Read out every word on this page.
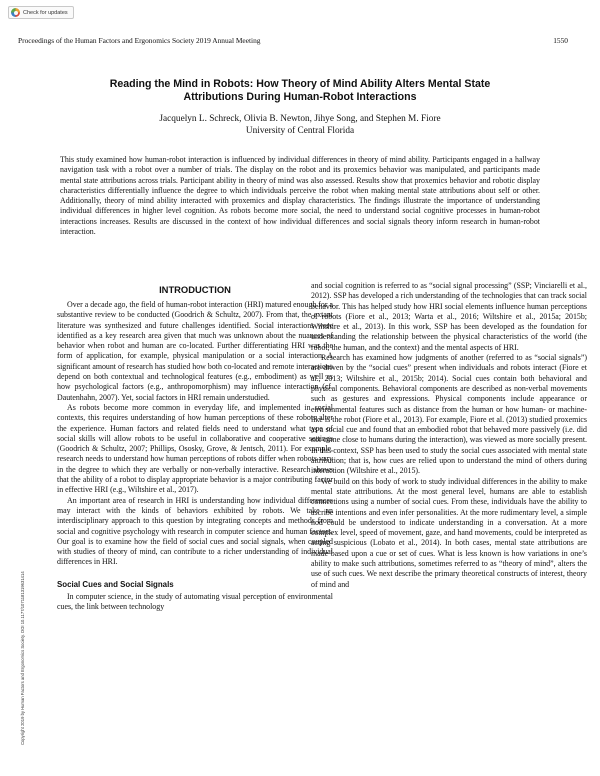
Check for updates
Proceedings of the Human Factors and Ergonomics Society 2019 Annual Meeting	1550
Reading the Mind in Robots: How Theory of Mind Ability Alters Mental State Attributions During Human-Robot Interactions
Jacquelyn L. Schreck, Olivia B. Newton, Jihye Song, and Stephen M. Fiore
University of Central Florida

This study examined how human-robot interaction is influenced by individual differences in theory of mind ability. Participants engaged in a hallway navigation task with a robot over a number of trials. The display on the robot and its proxemics behavior was manipulated, and participants made mental state attributions across trials. Participant ability in theory of mind was also assessed. Results show that proxemics behavior and robotic display characteristics differentially influence the degree to which individuals perceive the robot when making mental state attributions about self or other. Additionally, theory of mind ability interacted with proxemics and display characteristics. The findings illustrate the importance of understanding individual differences in higher level cognition. As robots become more social, the need to understand social cognitive processes in human-robot interactions increases. Results are discussed in the context of how individual differences and social signals theory inform research in human-robot interaction.

INTRODUCTION

Over a decade ago, the field of human-robot interaction (HRI) matured enough for a substantive review to be conducted (Goodrich & Schultz, 2007). From that, the extant literature was synthesized and future challenges identified. Social interactions were identified as a key research area given that much was unknown about the nuances of behavior when robot and human are co-located. Further differentiating HRI was the form of application, for example, physical manipulation or a social interaction. A significant amount of research has studied how both co-located and remote interactions depend on both contextual and technological features (e.g., embodiment) as well as how psychological factors (e.g., anthropomorphism) may influence interaction (cf. Dautenhahn, 2007). Yet, social factors in HRI remain understudied.

As robots become more common in everyday life, and implemented in social contexts, this requires understanding of how human perceptions of these robots alter the experience. Human factors and related fields need to understand what type of social skills will allow robots to be useful in collaborative and cooperative settings (Goodrich & Schultz, 2007; Phillips, Ososky, Grove, & Jentsch, 2011). For example, research needs to understand how human perceptions of robots differ when robots vary in the degree to which they are verbally or non-verbally interactive. Research shows that the ability of a robot to display appropriate behavior is a major contributing factor in effective HRI (e.g., Wiltshire et al., 2017).

An important area of research in HRI is understanding how individual differences may interact with the kinds of behaviors exhibited by robots. We take an interdisciplinary approach to this question by integrating concepts and methods from social and cognitive psychology with research in computer science and human factors. Our goal is to examine how the field of social cues and social signals, when coupled with studies of theory of mind, can contribute to a richer understanding of individual differences in HRI.

Social Cues and Social Signals

In computer science, in the study of automating visual perception of environmental cues, the link between technology

and social cognition is referred to as “social signal processing” (SSP; Vinciarelli et al., 2012). SSP has developed a rich understanding of the technologies that can track social behavior. This has helped study how HRI social elements influence human perceptions of robots (Fiore et al., 2013; Warta et al., 2016; Wiltshire et al., 2015a; 2015b; Wiltshire et al., 2013). In this work, SSP has been developed as the foundation for understanding the relationship between the physical characteristics of the world (the robot, the human, and the context) and the mental aspects of HRI.

Research has examined how judgments of another (referred to as “social signals”) are driven by the “social cues” present when individuals and robots interact (Fiore et al., 2013; Wiltshire et al., 2015b; 2014). Social cues contain both behavioral and physical components. Behavioral components are described as non-verbal movements such as gestures and expressions. Physical components include appearance or environmental features such as distance from the human or how human- or machine-like is the robot (Fiore et al., 2013). For example, Fiore et al. (2013) studied proxemics as a social cue and found that an embodied robot that behaved more passively (i.e. did not come close to humans during the interaction), was viewed as more socially present. In this context, SSP has been used to study the social cues associated with mental state attribution; that is, how cues are relied upon to understand the mind of others during interaction (Wiltshire et al., 2015).

We build on this body of work to study individual differences in the ability to make mental state attributions. At the most general level, humans are able to establish connections using a number of social cues. From these, individuals have the ability to ascribe intentions and even infer personalities. At the more rudimentary level, a simple nod could be understood to indicate understanding in a conversation. At a more complex level, speed of movement, gaze, and hand movements, could be interpreted as acting suspicious (Lobato et al., 2014). In both cases, mental state attributions are made based upon a cue or set of cues. What is less known is how variations in one’s ability to make such attributions, sometimes referred to as “theory of mind”, alters the use of such cues. We next describe the primary theoretical constructs of interest, theory of mind and

Copyright 2019 by Human Factors and Ergonomics Society. DOI 10.1177/1071181319631414
